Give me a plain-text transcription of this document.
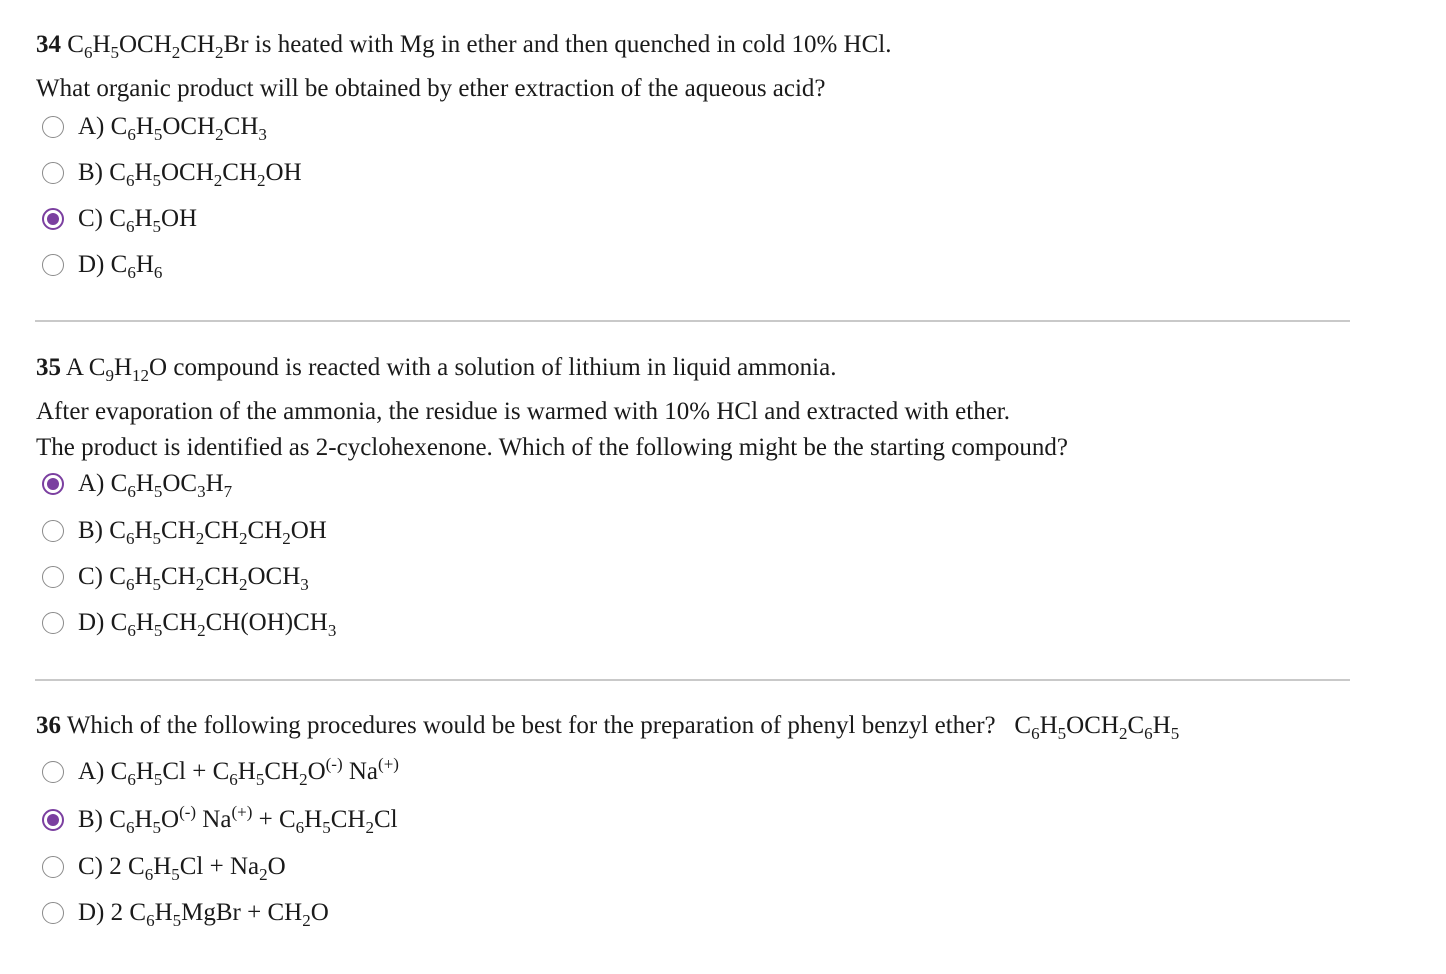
34 $C_6H_5OCH_2CH_2Br$ is heated with Mg in ether and then quenched in cold 10% HCl.
What organic product will be obtained by ether extraction of the aqueous acid?
A) $C_6H_5OCH_2CH_3$
B) $C_6H_5OCH_2CH_2OH$
C) $C_6H_5OH$
D) $C_6H_6$
35 A $C_9H_{12}O$ compound is reacted with a solution of lithium in liquid ammonia.
After evaporation of the ammonia, the residue is warmed with 10% HCl and extracted with ether.
The product is identified as 2-cyclohexenone. Which of the following might be the starting compound?
A) $C_6H_5OC_3H_7$
B) $C_6H_5CH_2CH_2CH_2OH$
C) $C_6H_5CH_2CH_2OCH_3$
D) $C_6H_5CH_2CH(OH)CH_3$
36 Which of the following procedures would be best for the preparation of phenyl benzyl ether?   $C_6H_5OCH_2C_6H_5$
A) $C_6H_5Cl + C_6H_5CH_2O^{(-)}$ Na(+)
B) $C_6H_5O^{(-)}$ $Na^{(+)} + C_6H_5CH_2Cl$
C) 2 $C_6H_5Cl + Na_2O$
D) 2 $C_6H_5MgBr + CH_2O$
